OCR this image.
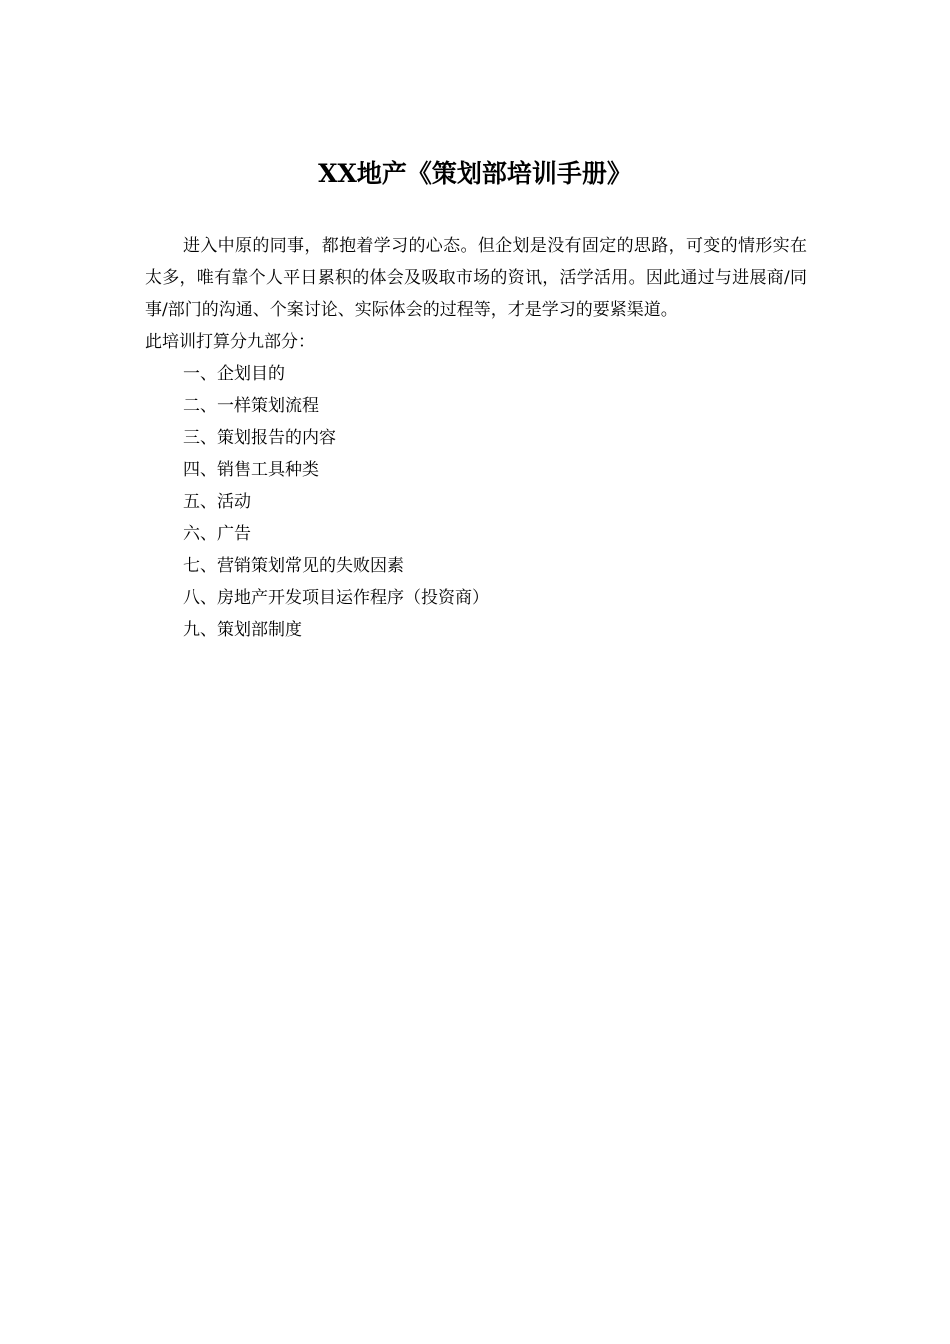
XX地产《策划部培训手册》

进入中原的同事，都抱着学习的心态。但企划是没有固定的思路，可变的情形实在太多，唯有靠个人平日累积的体会及吸取市场的资讯，活学活用。因此通过与进展商/同事/部门的沟通、个案讨论、实际体会的过程等，才是学习的要紧渠道。

此培训打算分九部分：

一、企划目的
二、一样策划流程
三、策划报告的内容
四、销售工具种类
五、活动
六、广告
七、营销策划常见的失败因素
八、房地产开发项目运作程序（投资商）
九、策划部制度
